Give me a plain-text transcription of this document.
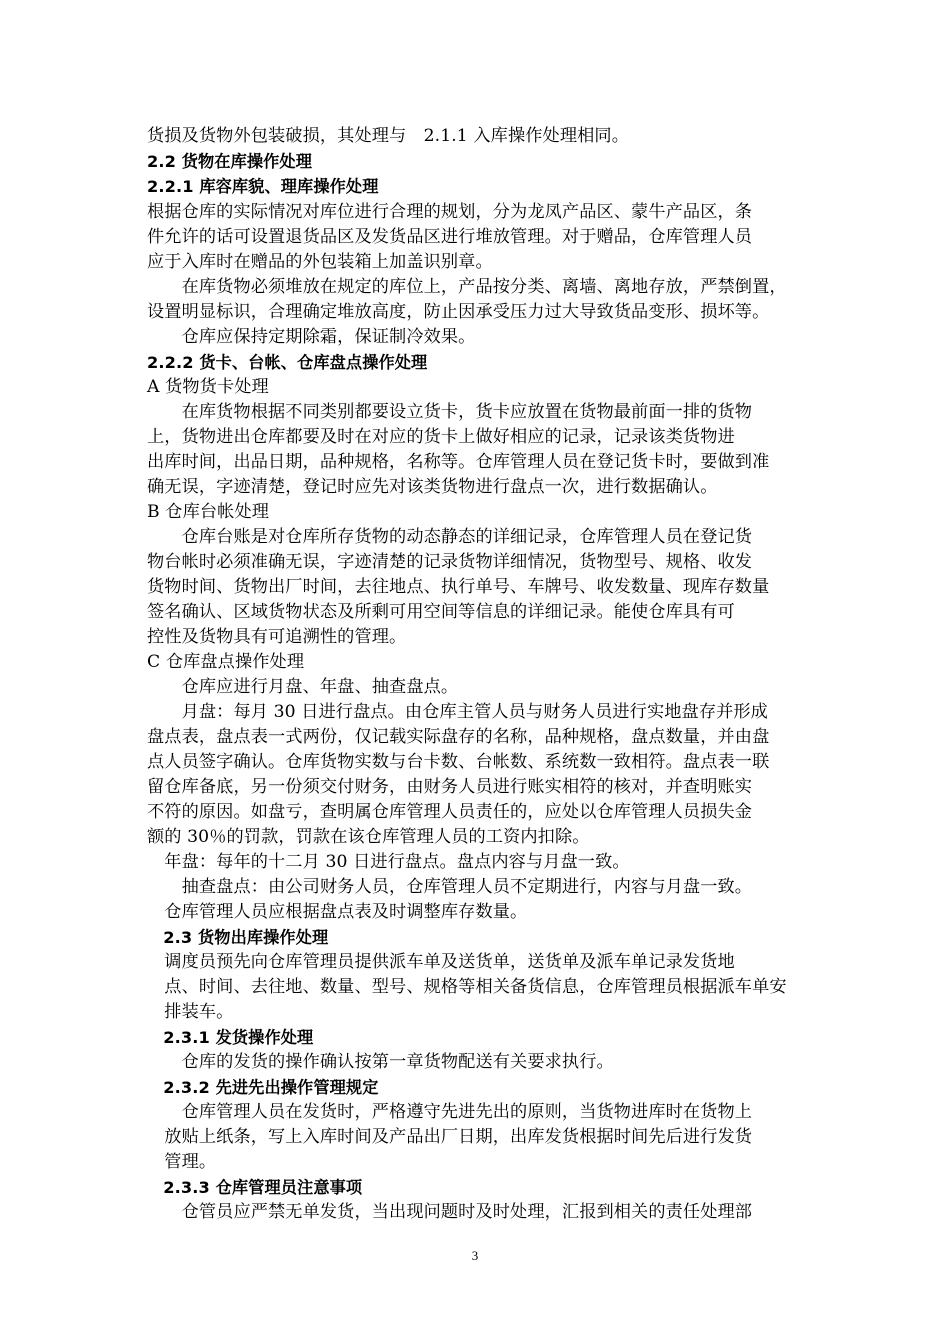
货损及货物外包装破损，其处理与　2.1.1 入库操作处理相同。
2.2 货物在库操作处理
2.2.1 库容库貌、理库操作处理
根据仓库的实际情况对库位进行合理的规划，分为龙凤产品区、蒙牛产品区，条
件允许的话可设置退货品区及发货品区进行堆放管理。对于赠品，仓库管理人员
应于入库时在赠品的外包装箱上加盖识别章。
　　在库货物必须堆放在规定的库位上，产品按分类、离墙、离地存放，严禁倒置，
设置明显标识，合理确定堆放高度，防止因承受压力过大导致货品变形、损坏等。
　　仓库应保持定期除霜，保证制冷效果。
2.2.2 货卡、台帐、仓库盘点操作处理
A 货物货卡处理
　　在库货物根据不同类别都要设立货卡，货卡应放置在货物最前面一排的货物
上，货物进出仓库都要及时在对应的货卡上做好相应的记录，记录该类货物进
出库时间，出品日期，品种规格，名称等。仓库管理人员在登记货卡时，要做到准
确无误，字迹清楚，登记时应先对该类货物进行盘点一次，进行数据确认。
B 仓库台帐处理
　　仓库台账是对仓库所存货物的动态静态的详细记录，仓库管理人员在登记货
物台帐时必须准确无误，字迹清楚的记录货物详细情况，货物型号、规格、收发
货物时间、货物出厂时间，去往地点、执行单号、车牌号、收发数量、现库存数量
签名确认、区域货物状态及所剩可用空间等信息的详细记录。能使仓库具有可
控性及货物具有可追溯性的管理。
C 仓库盘点操作处理
　　仓库应进行月盘、年盘、抽查盘点。
　　月盘：每月 30 日进行盘点。由仓库主管人员与财务人员进行实地盘存并形成
盘点表，盘点表一式两份，仅记载实际盘存的名称，品种规格，盘点数量，并由盘
点人员签字确认。仓库货物实数与台卡数、台帐数、系统数一致相符。盘点表一联
留仓库备底，另一份须交付财务，由财务人员进行账实相符的核对，并查明账实
不符的原因。如盘亏，查明属仓库管理人员责任的，应处以仓库管理人员损失金
额的 30％的罚款，罚款在该仓库管理人员的工资内扣除。
　年盘：每年的十二月 30 日进行盘点。盘点内容与月盘一致。
　　抽查盘点：由公司财务人员，仓库管理人员不定期进行，内容与月盘一致。
　仓库管理人员应根据盘点表及时调整库存数量。
　2.3 货物出库操作处理
　调度员预先向仓库管理员提供派车单及送货单，送货单及派车单记录发货地
　点、时间、去往地、数量、型号、规格等相关备货信息，仓库管理员根据派车单安
　排装车。
　2.3.1 发货操作处理
　　仓库的发货的操作确认按第一章货物配送有关要求执行。
　2.3.2 先进先出操作管理规定
　　仓库管理人员在发货时，严格遵守先进先出的原则，当货物进库时在货物上
　放贴上纸条，写上入库时间及产品出厂日期，出库发货根据时间先后进行发货
　管理。
　2.3.3 仓库管理员注意事项
　　仓管员应严禁无单发货，当出现问题时及时处理，汇报到相关的责任处理部
3
